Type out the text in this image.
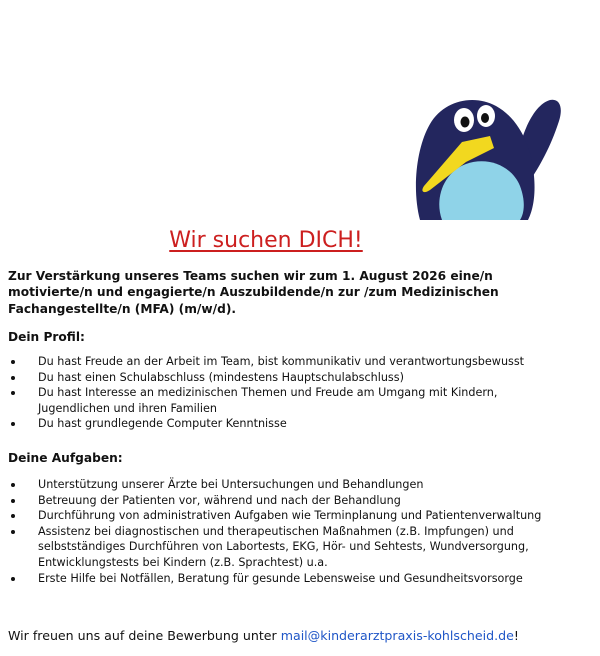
Wir suchen DICH!
Zur Verstärkung unseres Teams suchen wir zum 1. August 2026 eine/n motivierte/n und engagierte/n Auszubildende/n zur /zum Medizinischen Fachangestellte/n (MFA) (m/w/d).
Dein Profil:
Du hast Freude an der Arbeit im Team, bist kommunikativ und verantwortungsbewusst
Du hast einen Schulabschluss (mindestens Hauptschulabschluss)
Du hast Interesse an medizinischen Themen und Freude am Umgang mit Kindern, Jugendlichen und ihren Familien
Du hast grundlegende Computer Kenntnisse
Deine Aufgaben:
Unterstützung unserer Ärzte bei Untersuchungen und Behandlungen
Betreuung der Patienten vor, während und nach der Behandlung
Durchführung von administrativen Aufgaben wie Terminplanung und Patientenverwaltung
Assistenz bei diagnostischen und therapeutischen Maßnahmen (z.B. Impfungen) und selbstständiges Durchführen von Labortests, EKG, Hör- und Sehtests, Wundversorgung, Entwicklungstests bei Kindern (z.B. Sprachtest) u.a.
Erste Hilfe bei Notfällen, Beratung für gesunde Lebensweise und Gesundheitsvorsorge
Wir freuen uns auf deine Bewerbung unter mail@kinderarztpraxis-kohlscheid.de!
